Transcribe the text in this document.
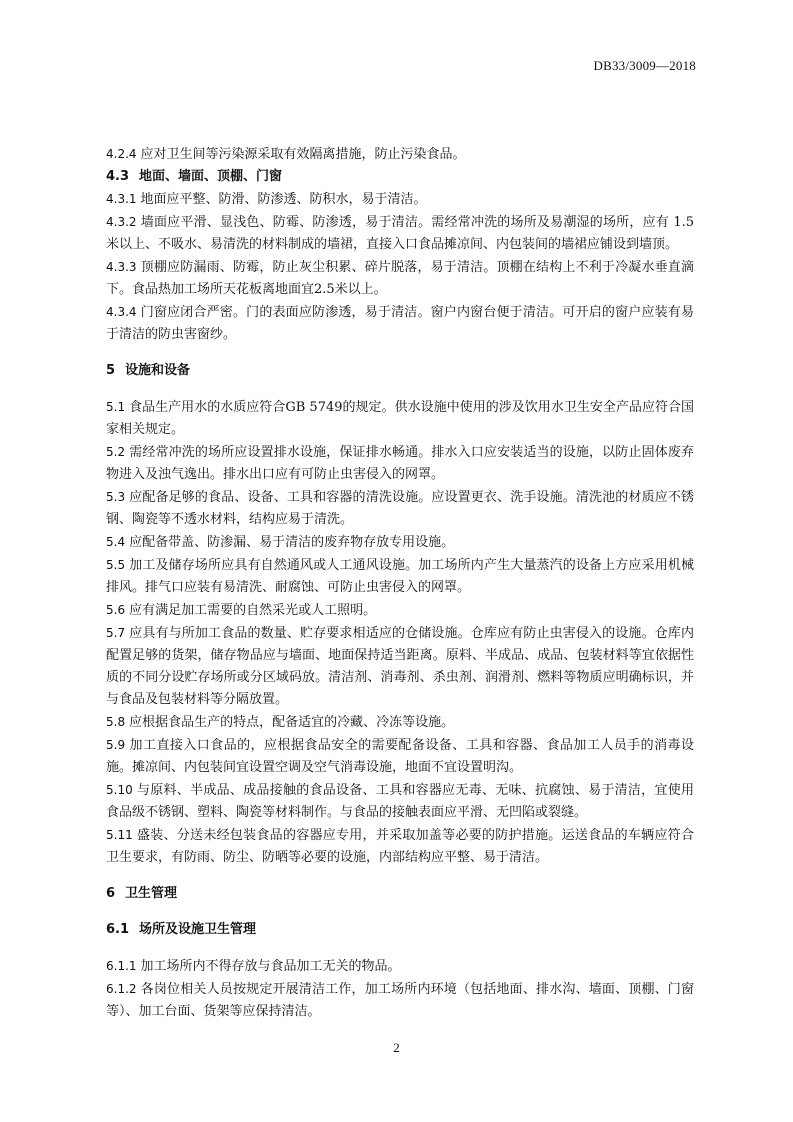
DB33/3009—2018

4.2.4 应对卫生间等污染源采取有效隔离措施，防止污染食品。

4.3 地面、墙面、顶棚、门窗

4.3.1 地面应平整、防滑、防渗透、防积水，易于清洁。

4.3.2 墙面应平滑、显浅色、防霉、防渗透，易于清洁。需经常冲洗的场所及易潮湿的场所，应有 1.5 米以上、不吸水、易清洗的材料制成的墙裙，直接入口食品摊凉间、内包装间的墙裙应铺设到墙顶。

4.3.3 顶棚应防漏雨、防霉，防止灰尘积累、碎片脱落，易于清洁。顶棚在结构上不利于冷凝水垂直滴下。食品热加工场所天花板离地面宜2.5米以上。

4.3.4 门窗应闭合严密。门的表面应防渗透，易于清洁。窗户内窗台便于清洁。可开启的窗户应装有易于清洁的防虫害窗纱。

5 设施和设备

5.1 食品生产用水的水质应符合GB 5749的规定。供水设施中使用的涉及饮用水卫生安全产品应符合国家相关规定。

5.2 需经常冲洗的场所应设置排水设施，保证排水畅通。排水入口应安装适当的设施，以防止固体废弃物进入及浊气逸出。排水出口应有可防止虫害侵入的网罩。

5.3 应配备足够的食品、设备、工具和容器的清洗设施。应设置更衣、洗手设施。清洗池的材质应不锈钢、陶瓷等不透水材料，结构应易于清洗。

5.4 应配备带盖、防渗漏、易于清洁的废弃物存放专用设施。

5.5 加工及储存场所应具有自然通风或人工通风设施。加工场所内产生大量蒸汽的设备上方应采用机械排风。排气口应装有易清洗、耐腐蚀、可防止虫害侵入的网罩。

5.6 应有满足加工需要的自然采光或人工照明。

5.7 应具有与所加工食品的数量、贮存要求相适应的仓储设施。仓库应有防止虫害侵入的设施。仓库内配置足够的货架，储存物品应与墙面、地面保持适当距离。原料、半成品、成品、包装材料等宜依据性质的不同分设贮存场所或分区域码放。清洁剂、消毒剂、杀虫剂、润滑剂、燃料等物质应明确标识，并与食品及包装材料等分隔放置。

5.8 应根据食品生产的特点，配备适宜的冷藏、冷冻等设施。

5.9 加工直接入口食品的，应根据食品安全的需要配备设备、工具和容器、食品加工人员手的消毒设施。摊凉间、内包装间宜设置空调及空气消毒设施，地面不宜设置明沟。

5.10 与原料、半成品、成品接触的食品设备、工具和容器应无毒、无味、抗腐蚀、易于清洁，宜使用食品级不锈钢、塑料、陶瓷等材料制作。与食品的接触表面应平滑、无凹陷或裂缝。

5.11 盛装、分送未经包装食品的容器应专用，并采取加盖等必要的防护措施。运送食品的车辆应符合卫生要求，有防雨、防尘、防晒等必要的设施，内部结构应平整、易于清洁。

6 卫生管理

6.1 场所及设施卫生管理

6.1.1 加工场所内不得存放与食品加工无关的物品。

6.1.2 各岗位相关人员按规定开展清洁工作，加工场所内环境（包括地面、排水沟、墙面、顶棚、门窗等）、加工台面、货架等应保持清洁。

2
